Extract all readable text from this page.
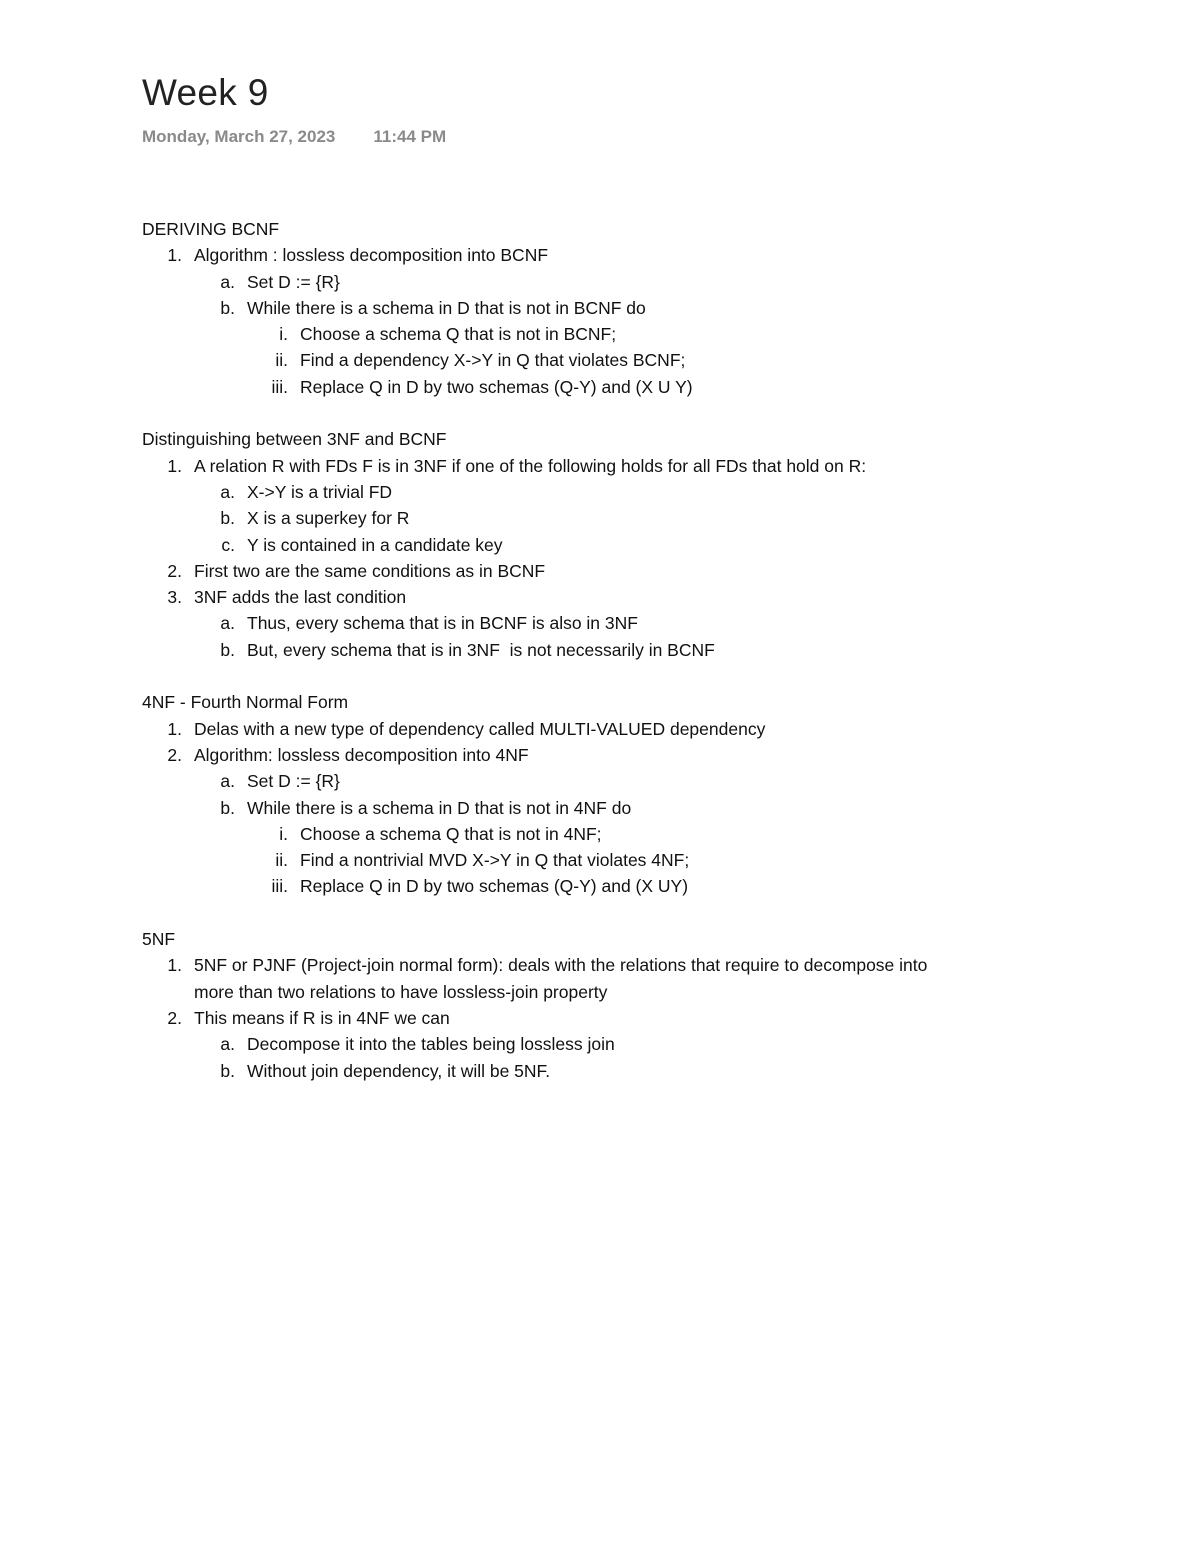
Week 9
Monday, March 27, 2023 11:44 PM

DERIVING BCNF

1. Algorithm : lossless decomposition into BCNF
a. Set D := {R}
b. While there is a schema in D that is not in BCNF do
i. Choose a schema Q that is not in BCNF;
ii. Find a dependency X->Y in Q that violates BCNF;
iii. Replace Q in D by two schemas (Q-Y) and (X U Y)

Distinguishing between 3NF and BCNF

1. A relation R with FDs F is in 3NF if one of the following holds for all FDs that hold on R:
a. X->Y is a trivial FD
b. X is a superkey for R
c. Y is contained in a candidate key
2. First two are the same conditions as in BCNF
3. 3NF adds the last condition
a. Thus, every schema that is in BCNF is also in 3NF
b. But, every schema that is in 3NF  is not necessarily in BCNF

4NF - Fourth Normal Form

1. Delas with a new type of dependency called MULTI-VALUED dependency
2. Algorithm: lossless decomposition into 4NF
a. Set D := {R}
b. While there is a schema in D that is not in 4NF do
i. Choose a schema Q that is not in 4NF;
ii. Find a nontrivial MVD X->Y in Q that violates 4NF;
iii. Replace Q in D by two schemas (Q-Y) and (X UY)

5NF

1. 5NF or PJNF (Project-join normal form): deals with the relations that require to decompose into
more than two relations to have lossless-join property
2. This means if R is in 4NF we can
a. Decompose it into the tables being lossless join
b. Without join dependency, it will be 5NF.
